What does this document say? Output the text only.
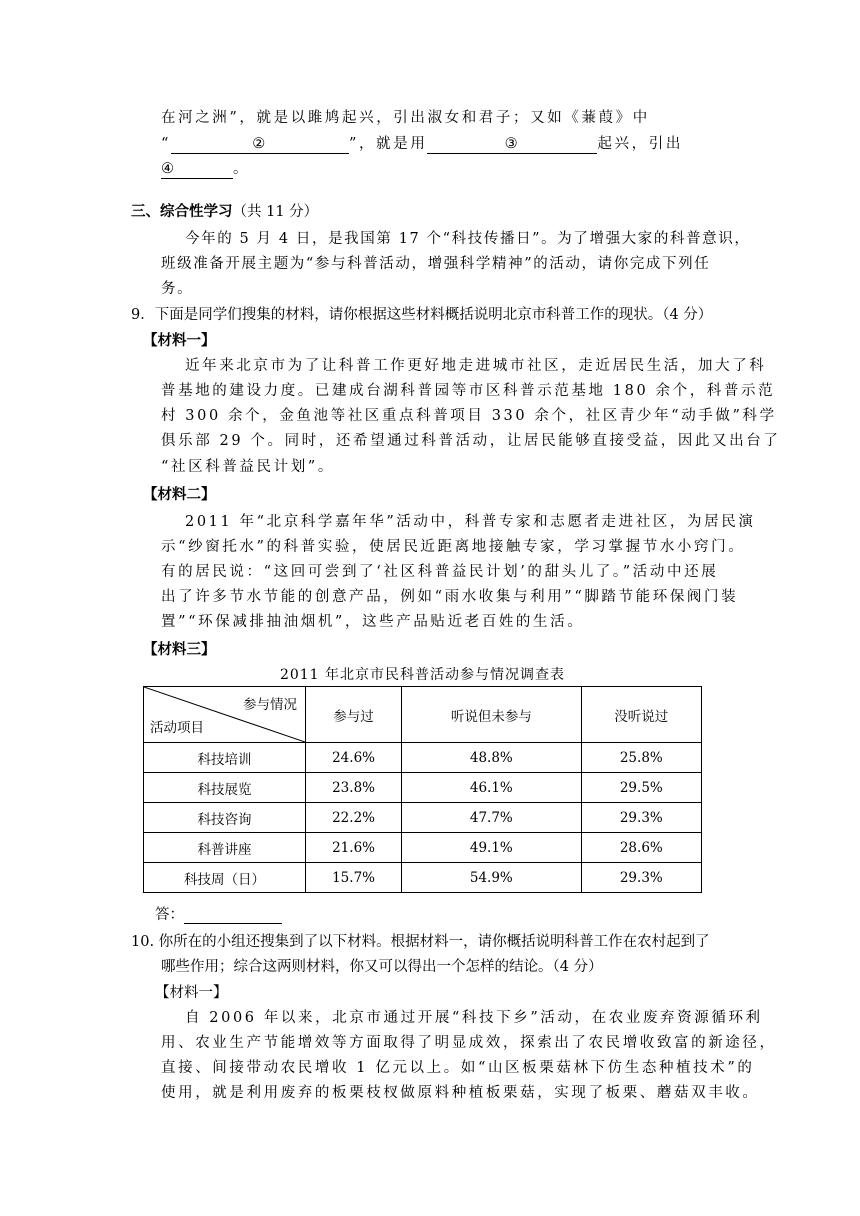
在河之洲”，就是以雎鸠起兴，引出淑女和君子；又如《蒹葭》中
“	②	”，就是用	③	起兴，引出
④	。
三、综合性学习（共 11 分）
今年的 5 月 4 日，是我国第 17 个“科技传播日”。为了增强大家的科普意识，
班级准备开展主题为“参与科普活动，增强科学精神”的活动，请你完成下列任
务。
9．下面是同学们搜集的材料，请你根据这些材料概括说明北京市科普工作的现状。（4 分）
【材料一】
近年来北京市为了让科普工作更好地走进城市社区，走近居民生活，加大了科
普基地的建设力度。已建成台湖科普园等市区科普示范基地 180 余个，科普示范
村 300 余个，金鱼池等社区重点科普项目 330 余个，社区青少年“动手做”科学
俱乐部 29 个。同时，还希望通过科普活动，让居民能够直接受益，因此又出台了
“社区科普益民计划”。
【材料二】
2011 年“北京科学嘉年华”活动中，科普专家和志愿者走进社区，为居民演
示“纱窗托水”的科普实验，使居民近距离地接触专家，学习掌握节水小窍门。
有的居民说：“这回可尝到了‘社区科普益民计划’的甜头儿了。”活动中还展
出了许多节水节能的创意产品，例如“雨水收集与利用”“脚踏节能环保阀门装
置”“环保减排抽油烟机”，这些产品贴近老百姓的生活。
【材料三】
2011 年北京市民科普活动参与情况调查表
参与情况
活动项目	参与过	听说但未参与	没听说过
科技培训	24.6%	48.8%	25.8%
科技展览	23.8%	46.1%	29.5%
科技咨询	22.2%	47.7%	29.3%
科普讲座	21.6%	49.1%	28.6%
科技周（日）	15.7%	54.9%	29.3%
答：
10. 你所在的小组还搜集到了以下材料。根据材料一，请你概括说明科普工作在农村起到了
哪些作用；综合这两则材料，你又可以得出一个怎样的结论。（4 分）
【材料一】
自 2006 年以来，北京市通过开展“科技下乡”活动，在农业废弃资源循环利
用、农业生产节能增效等方面取得了明显成效，探索出了农民增收致富的新途径，
直接、间接带动农民增收 1 亿元以上。如“山区板栗菇林下仿生态种植技术”的
使用，就是利用废弃的板栗枝杈做原料种植板栗菇，实现了板栗、蘑菇双丰收。
